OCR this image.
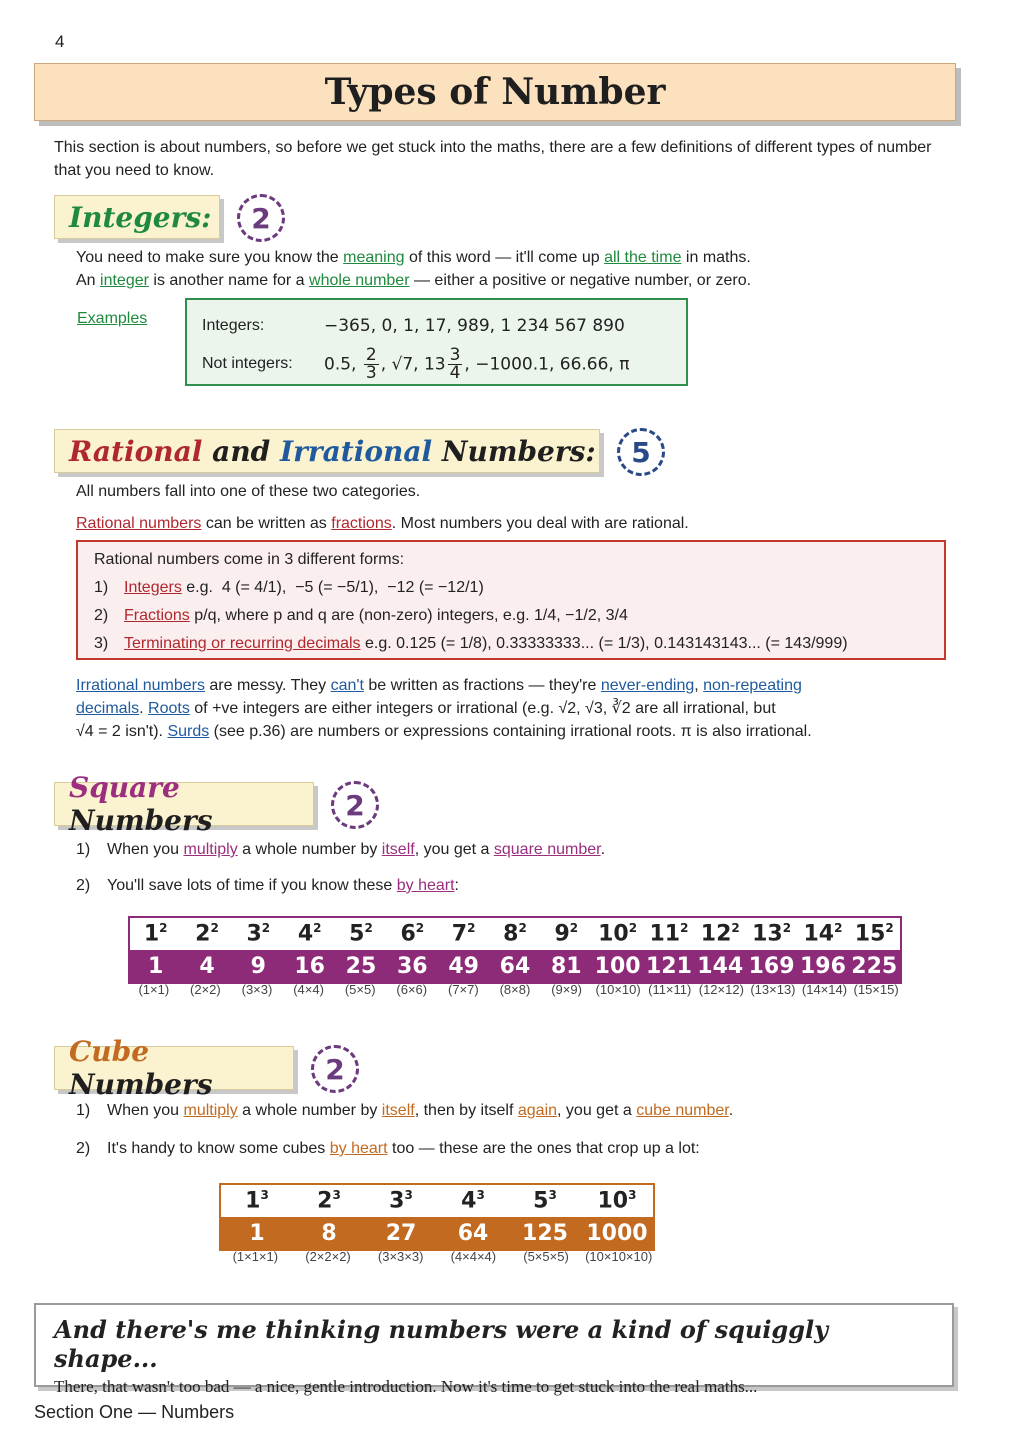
4
Types of Number
This section is about numbers, so before we get stuck into the maths, there are a few definitions of different types of number that you need to know.
Integers: 2
You need to make sure you know the meaning of this word — it'll come up all the time in maths.
An integer is another name for a whole number — either a positive or negative number, or zero.
Examples	Integers:	−365, 0, 1, 17, 989, 1 234 567 890
Not integers:	0.5, $\frac{2}{3}$ , √7, $13 \frac{3}{4}$ , −1000.1, 66.66, π
Rational and Irrational Numbers: 5
All numbers fall into one of these two categories.
Rational numbers can be written as fractions. Most numbers you deal with are rational.
Rational numbers come in 3 different forms:
1) Integers e.g.  4 (= 4/1),  −5 (= −5/1),  −12 (= −12/1)
2) Fractions p/q, where p and q are (non-zero) integers, e.g. 1/4, −1/2, 3/4
3) Terminating or recurring decimals e.g. 0.125 (= 1/8), 0.33333333... (= 1/3), 0.143143143... (= 143/999)
Irrational numbers are messy. They can't be written as fractions — they're never-ending, non-repeating
decimals. Roots of +ve integers are either integers or irrational (e.g. √2, √3, ∛2 are all irrational, but
√4 = 2 isn't). Surds (see p.36) are numbers or expressions containing irrational roots. π is also irrational.
Square Numbers	2
1) When you multiply a whole number by itself, you get a square number.
2) You'll save lots of time if you know these by heart:
$1^2$	$2^2$	$3^2$	$4^2$	$5^2$	$6^2$	$7^2$	$8^2$	$9^2$ $10^2$ $11^2$ $12^2$ $13^2$ $14^2$ $15^2$
1	4	9	16 25 36 49 64 81 100 121 144 169 196 225
(1×1)	(2×2)	(3×3)	(4×4)	(5×5)	(6×6)	(7×7)	(8×8)	(9×9)	(10×10) (11×11) (12×12) (13×13) (14×14) (15×15)
Cube Numbers	2
1) When you multiply a whole number by itself, then by itself again, you get a cube number.
2) It's handy to know some cubes by heart too — these are the ones that crop up a lot:
$1^3$	$2^3$	$3^3$	$4^3$	$5^3$	$10^3$
1	8	27	64	125 1000
(1×1×1)	(2×2×2)	(3×3×3)	(4×4×4)	(5×5×5)	(10×10×10)
And there's me thinking numbers were a kind of squiggly shape...
There, that wasn't too bad — a nice, gentle introduction. Now it's time to get stuck into the real maths...
Section One — Numbers
